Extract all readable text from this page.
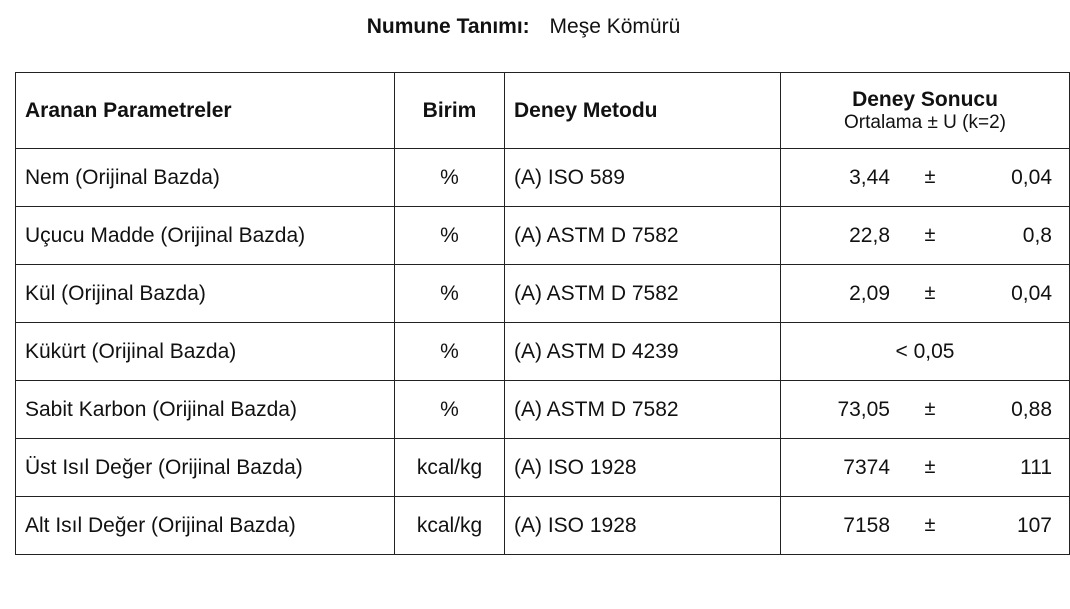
Numune Tanımı: Meşe Kömürü
Aranan Parametreler	Birim	Deney Metodu	Deney Sonucu
Ortalama ± U (k=2)

Nem (Orijinal Bazda)	%	(A) ISO 589	3,44 ± 0,04

Uçucu Madde (Orijinal Bazda)	%	(A) ASTM D 7582	22,8 ± 0,8

Kül (Orijinal Bazda)	%	(A) ASTM D 7582	2,09 ± 0,04

Kükürt (Orijinal Bazda)	%	(A) ASTM D 4239	< 0,05

Sabit Karbon (Orijinal Bazda)	%	(A) ASTM D 7582	73,05 ± 0,88

Üst Isıl Değer (Orijinal Bazda)	kcal/kg	(A) ISO 1928	7374 ± 111

Alt Isıl Değer (Orijinal Bazda)	kcal/kg	(A) ISO 1928	7158 ± 107
